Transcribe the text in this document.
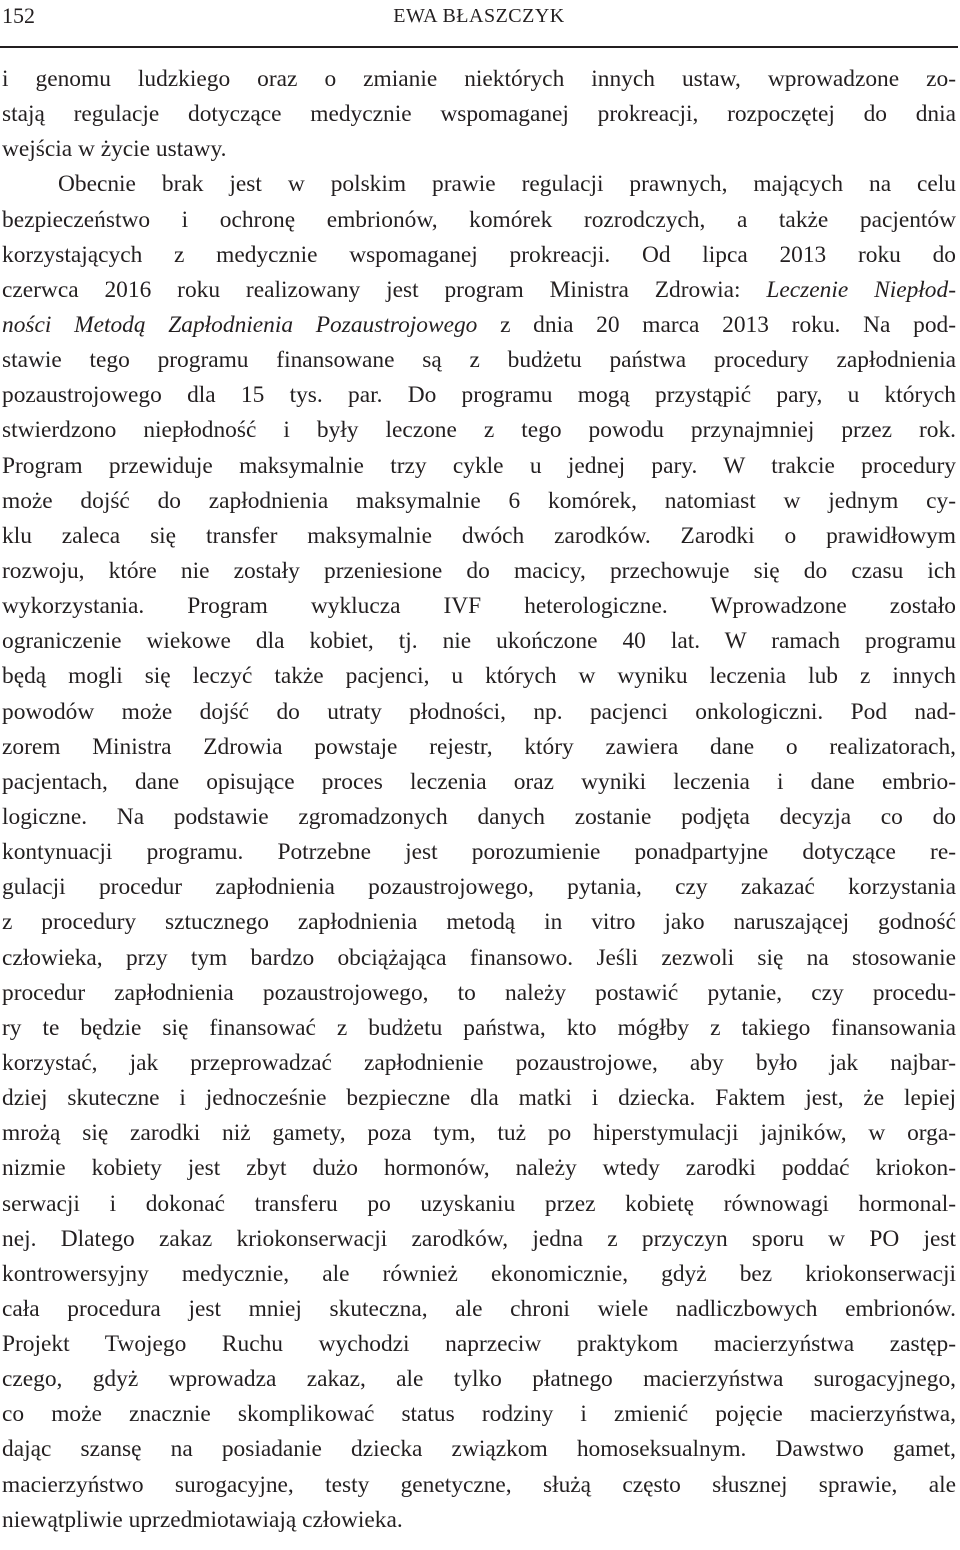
152	EWA BŁASZCZYK
i genomu ludzkiego oraz o zmianie niektórych innych ustaw, wprowadzone zo-
stają regulacje dotyczące medycznie wspomaganej prokreacji, rozpoczętej do dnia
wejścia w życie ustawy.
Obecnie brak jest w polskim prawie regulacji prawnych, mających na celu
bezpieczeństwo i ochronę embrionów, komórek rozrodczych, a także pacjentów
korzystających z medycznie wspomaganej prokreacji. Od lipca 2013 roku do
czerwca 2016 roku realizowany jest program Ministra Zdrowia: Leczenie Niepłod-
ności Metodą Zapłodnienia Pozaustrojowego z dnia 20 marca 2013 roku. Na pod-
stawie tego programu finansowane są z budżetu państwa procedury zapłodnienia
pozaustrojowego dla 15 tys. par. Do programu mogą przystąpić pary, u których
stwierdzono niepłodność i były leczone z tego powodu przynajmniej przez rok.
Program przewiduje maksymalnie trzy cykle u jednej pary. W trakcie procedury
może dojść do zapłodnienia maksymalnie 6 komórek, natomiast w jednym cy-
klu zaleca się transfer maksymalnie dwóch zarodków. Zarodki o prawidłowym
rozwoju, które nie zostały przeniesione do macicy, przechowuje się do czasu ich
wykorzystania. Program wyklucza IVF heterologiczne. Wprowadzone zostało
ograniczenie wiekowe dla kobiet, tj. nie ukończone 40 lat. W ramach programu
będą mogli się leczyć także pacjenci, u których w wyniku leczenia lub z innych
powodów może dojść do utraty płodności, np. pacjenci onkologiczni. Pod nad-
zorem Ministra Zdrowia powstaje rejestr, który zawiera dane o realizatorach,
pacjentach, dane opisujące proces leczenia oraz wyniki leczenia i dane embrio-
logiczne. Na podstawie zgromadzonych danych zostanie podjęta decyzja co do
kontynuacji programu. Potrzebne jest porozumienie ponadpartyjne dotyczące re-
gulacji procedur zapłodnienia pozaustrojowego, pytania, czy zakazać korzystania
z procedury sztucznego zapłodnienia metodą in vitro jako naruszającej godność
człowieka, przy tym bardzo obciążająca finansowo. Jeśli zezwoli się na stosowanie
procedur zapłodnienia pozaustrojowego, to należy postawić pytanie, czy procedu-
ry te będzie się finansować z budżetu państwa, kto mógłby z takiego finansowania
korzystać, jak przeprowadzać zapłodnienie pozaustrojowe, aby było jak najbar-
dziej skuteczne i jednocześnie bezpieczne dla matki i dziecka. Faktem jest, że lepiej
mrożą się zarodki niż gamety, poza tym, tuż po hiperstymulacji jajników, w orga-
nizmie kobiety jest zbyt dużo hormonów, należy wtedy zarodki poddać kriokon-
serwacji i dokonać transferu po uzyskaniu przez kobietę równowagi hormonal-
nej. Dlatego zakaz kriokonserwacji zarodków, jedna z przyczyn sporu w PO jest
kontrowersyjny medycznie, ale również ekonomicznie, gdyż bez kriokonserwacji
cała procedura jest mniej skuteczna, ale chroni wiele nadliczbowych embrionów.
Projekt Twojego Ruchu wychodzi naprzeciw praktykom macierzyństwa zastęp-
czego, gdyż wprowadza zakaz, ale tylko płatnego macierzyństwa surogacyjnego,
co może znacznie skomplikować status rodziny i zmienić pojęcie macierzyństwa,
dając szansę na posiadanie dziecka związkom homoseksualnym. Dawstwo gamet,
macierzyństwo surogacyjne, testy genetyczne, służą często słusznej sprawie, ale
niewątpliwie uprzedmiotawiają człowieka.
